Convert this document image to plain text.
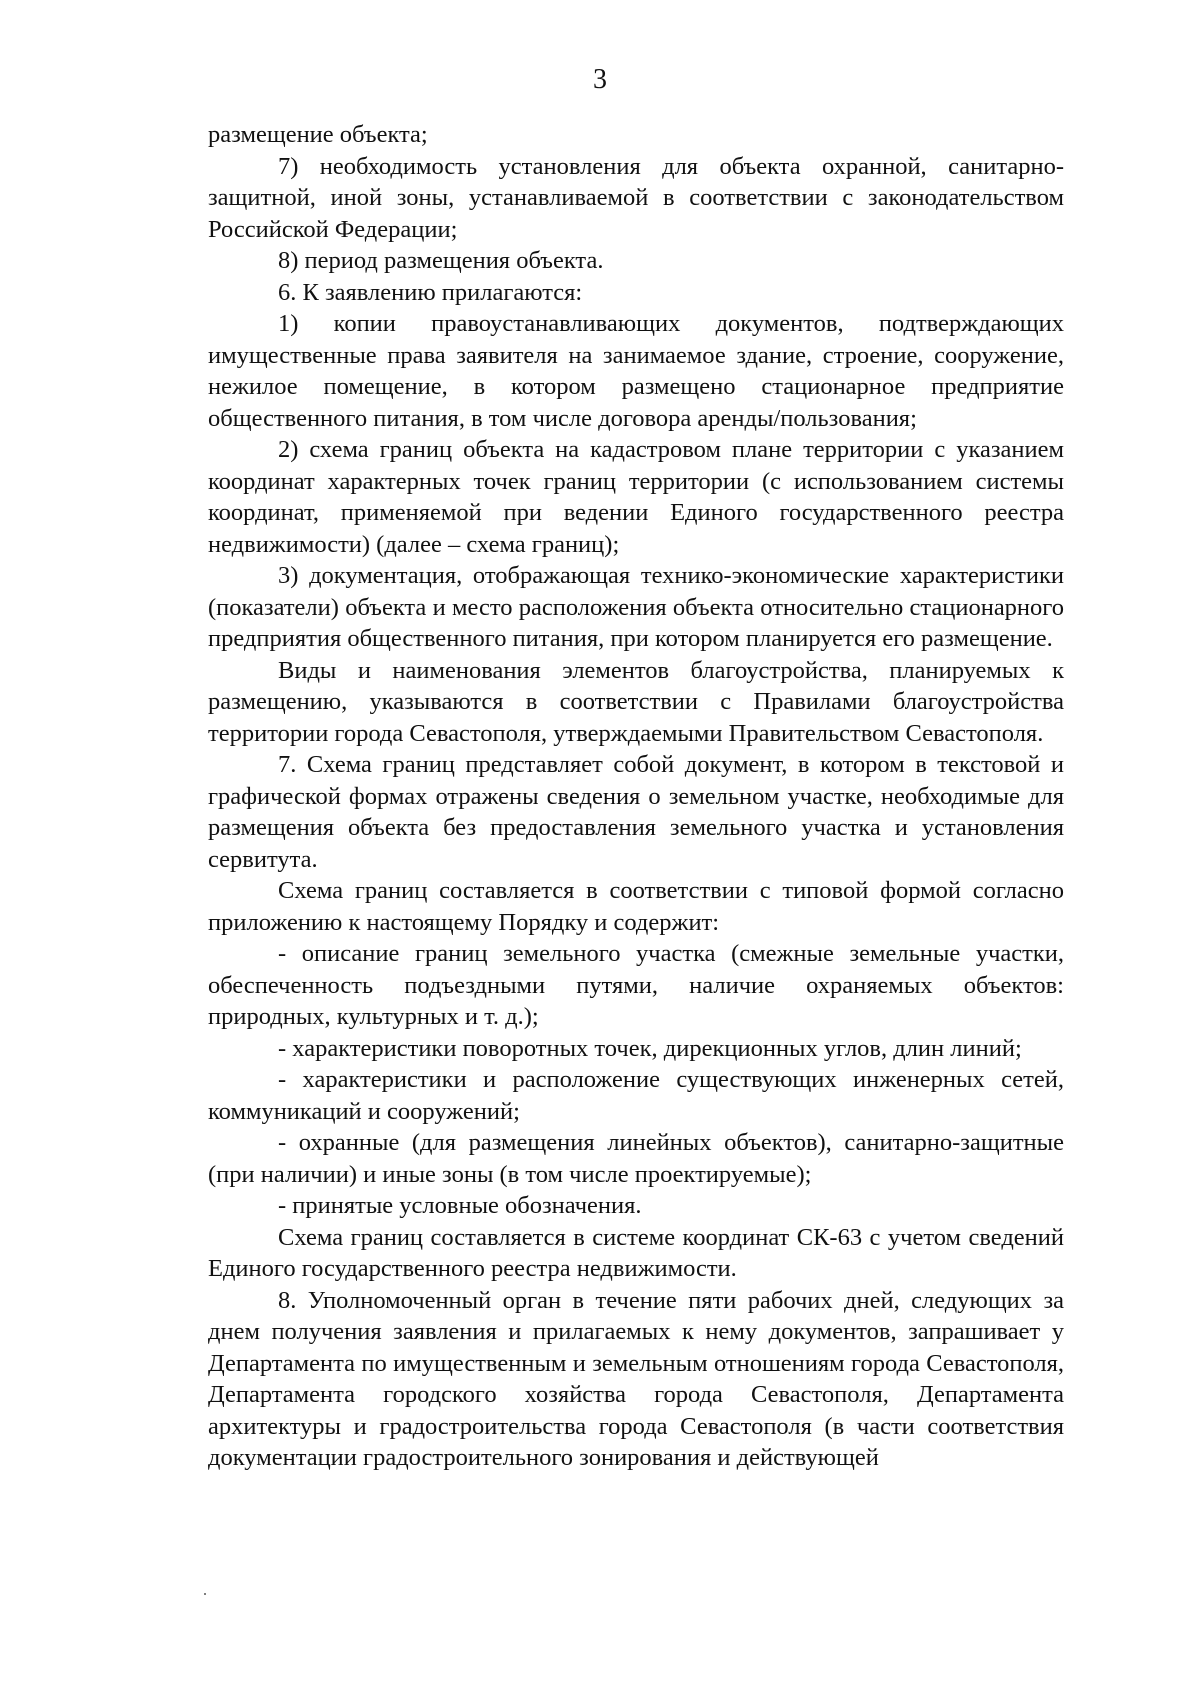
3

размещение объекта;

7) необходимость установления для объекта охранной, санитарно-защитной, иной зоны, устанавливаемой в соответствии с законодательством Российской Федерации;

8) период размещения объекта.

6. К заявлению прилагаются:

1) копии правоустанавливающих документов, подтверждающих имущественные права заявителя на занимаемое здание, строение, сооружение, нежилое помещение, в котором размещено стационарное предприятие общественного питания, в том числе договора аренды/пользования;

2) схема границ объекта на кадастровом плане территории с указанием координат характерных точек границ территории (с использованием системы координат, применяемой при ведении Единого государственного реестра недвижимости) (далее – схема границ);

3) документация, отображающая технико-экономические характеристики (показатели) объекта и место расположения объекта относительно стационарного предприятия общественного питания, при котором планируется его размещение.

Виды и наименования элементов благоустройства, планируемых к размещению, указываются в соответствии с Правилами благоустройства территории города Севастополя, утверждаемыми Правительством Севастополя.

7. Схема границ представляет собой документ, в котором в текстовой и графической формах отражены сведения о земельном участке, необходимые для размещения объекта без предоставления земельного участка и установления сервитута.

Схема границ составляется в соответствии с типовой формой согласно приложению к настоящему Порядку и содержит:

- описание границ земельного участка (смежные земельные участки, обеспеченность подъездными путями, наличие охраняемых объектов: природных, культурных и т. д.);

- характеристики поворотных точек, дирекционных углов, длин линий;

- характеристики и расположение существующих инженерных сетей, коммуникаций и сооружений;

- охранные (для размещения линейных объектов), санитарно-защитные (при наличии) и иные зоны (в том числе проектируемые);

- принятые условные обозначения.

Схема границ составляется в системе координат СК-63 с учетом сведений Единого государственного реестра недвижимости.

8. Уполномоченный орган в течение пяти рабочих дней, следующих за днем получения заявления и прилагаемых к нему документов, запрашивает у Департамента по имущественным и земельным отношениям города Севастополя, Департамента городского хозяйства города Севастополя, Департамента архитектуры и градостроительства города Севастополя (в части соответствия документации градостроительного зонирования и действующей
